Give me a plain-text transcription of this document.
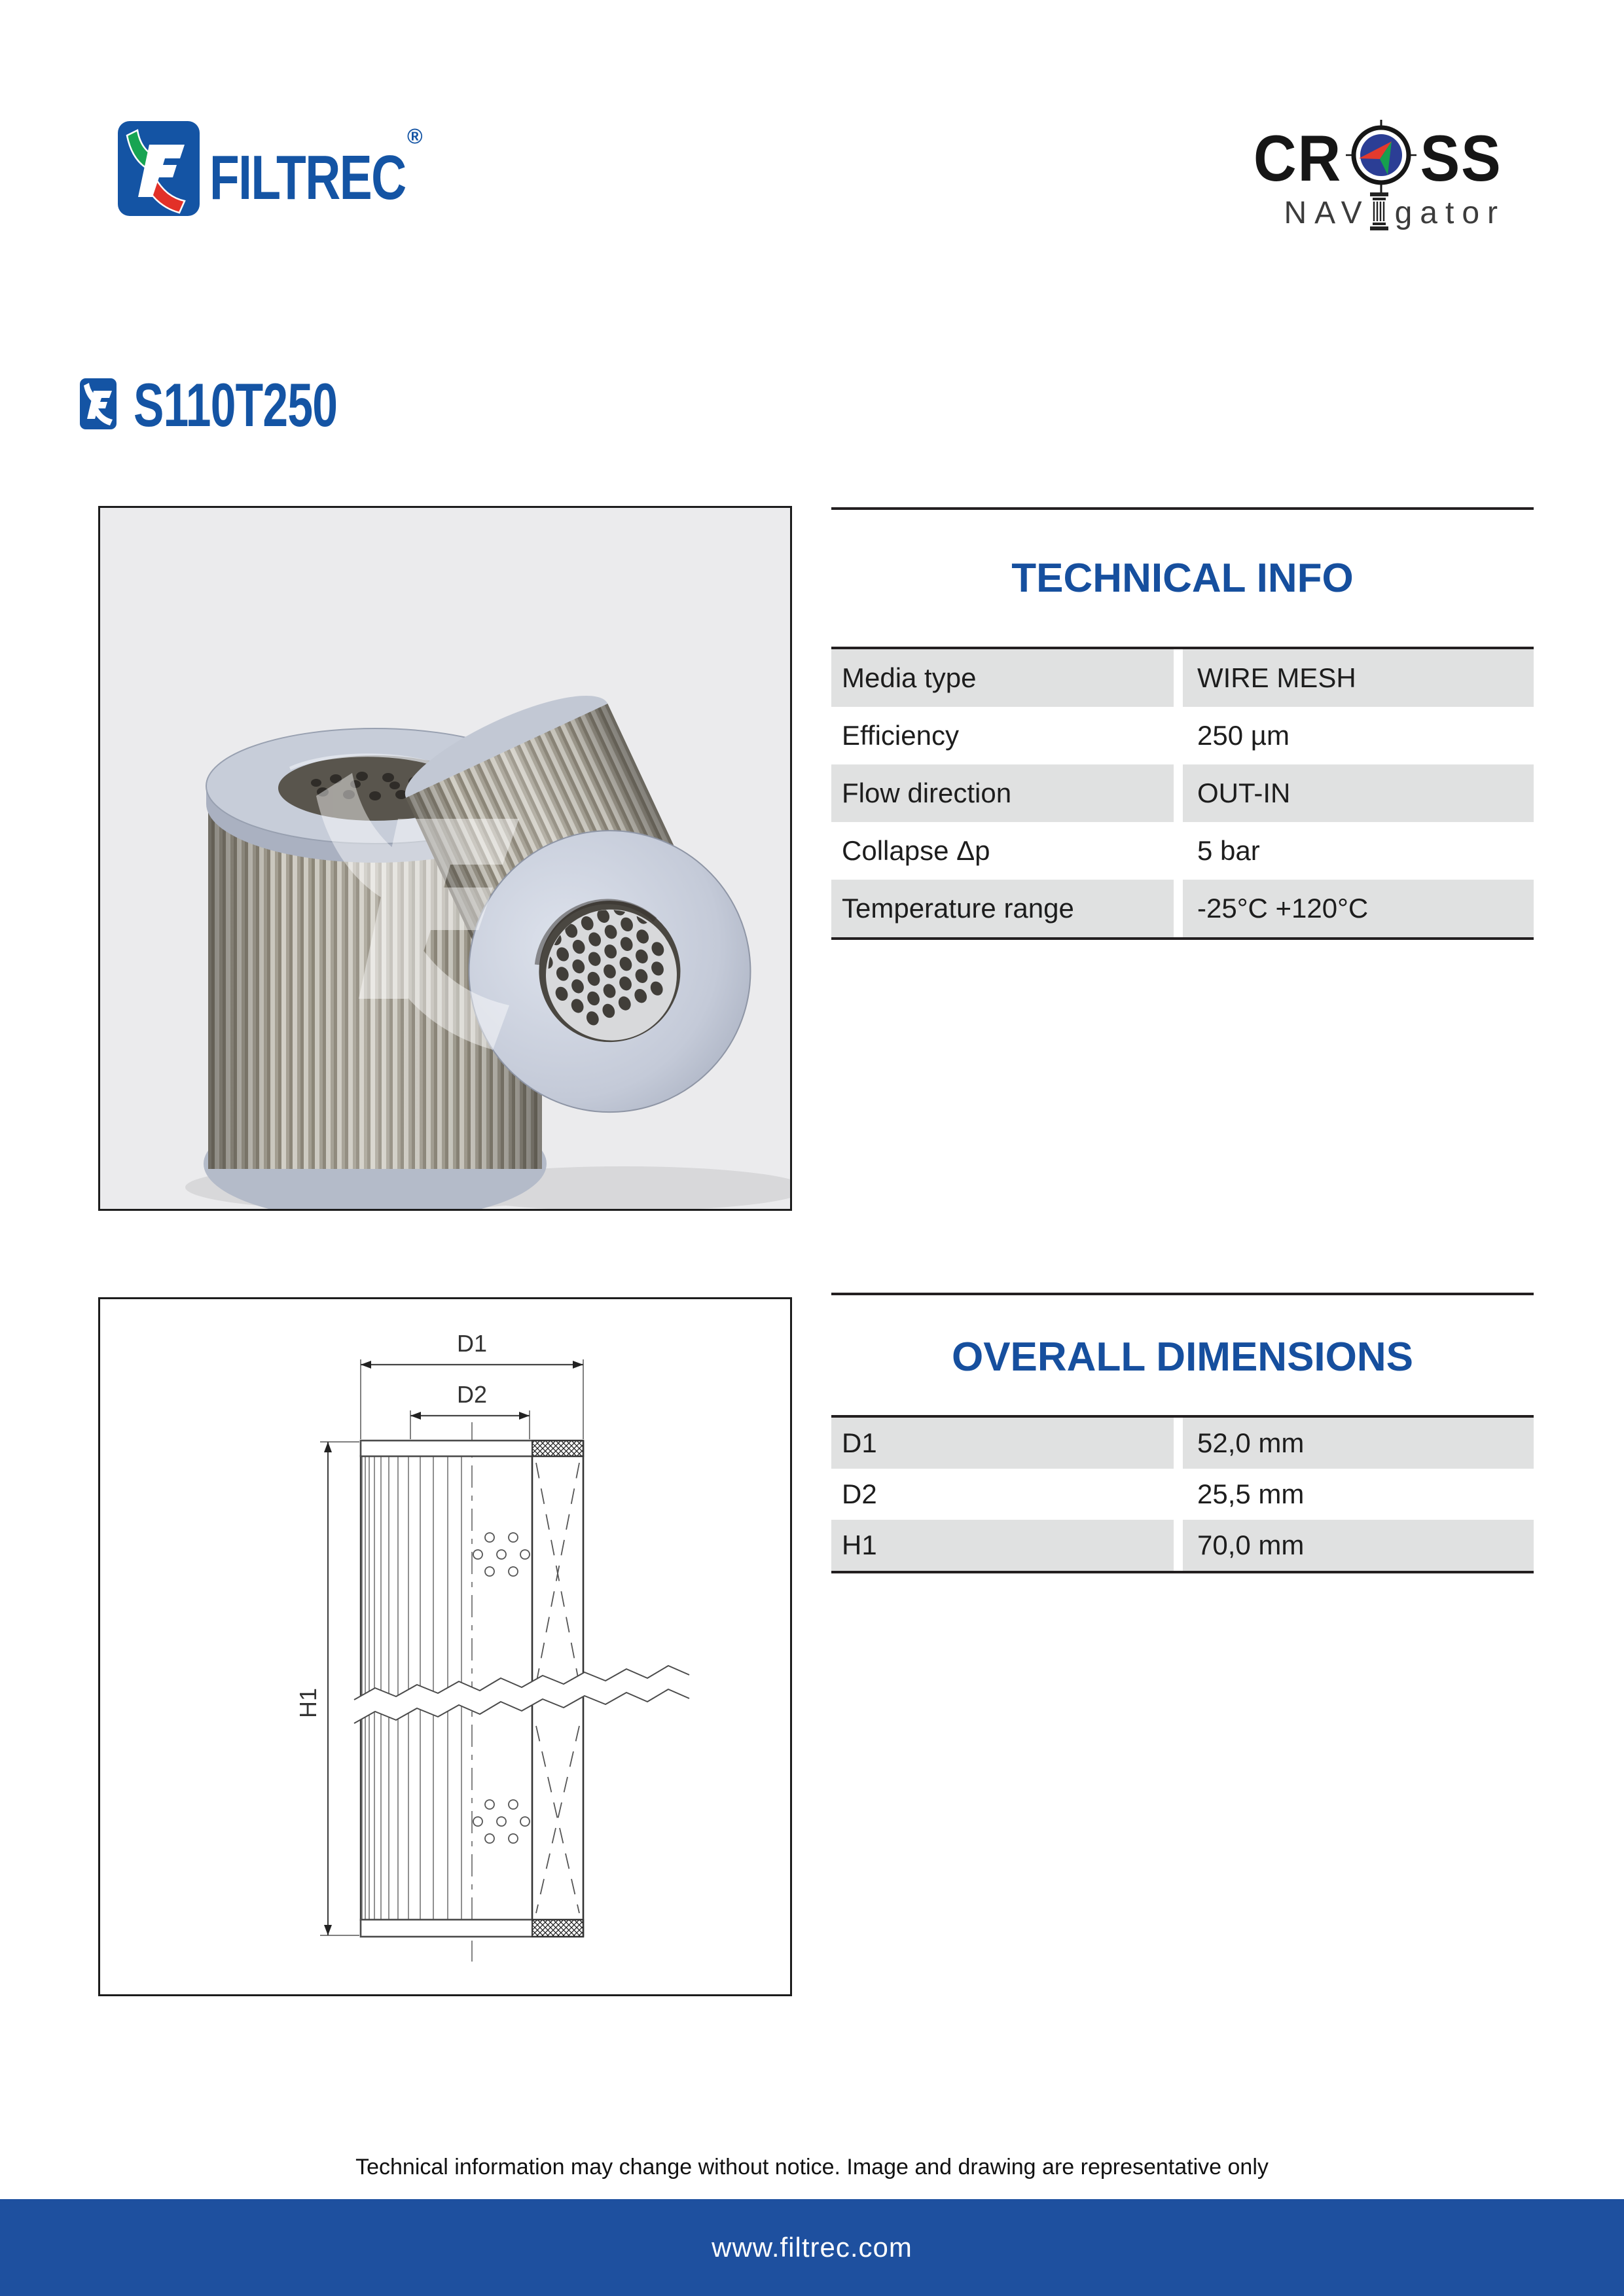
FILTREC
®	CR SS
NAV gator
S110T250
TECHNICAL INFO
Media type	WIRE MESH
Efficiency	250 µm
Flow direction	OUT-IN
Collapse Δp	5 bar
Temperature range	-25°C +120°C
D1
D2
H1
OVERALL DIMENSIONS
D1	52,0 mm
D2	25,5 mm
H1	70,0 mm
Technical information may change without notice. Image and drawing are representative only
www.filtrec.com
